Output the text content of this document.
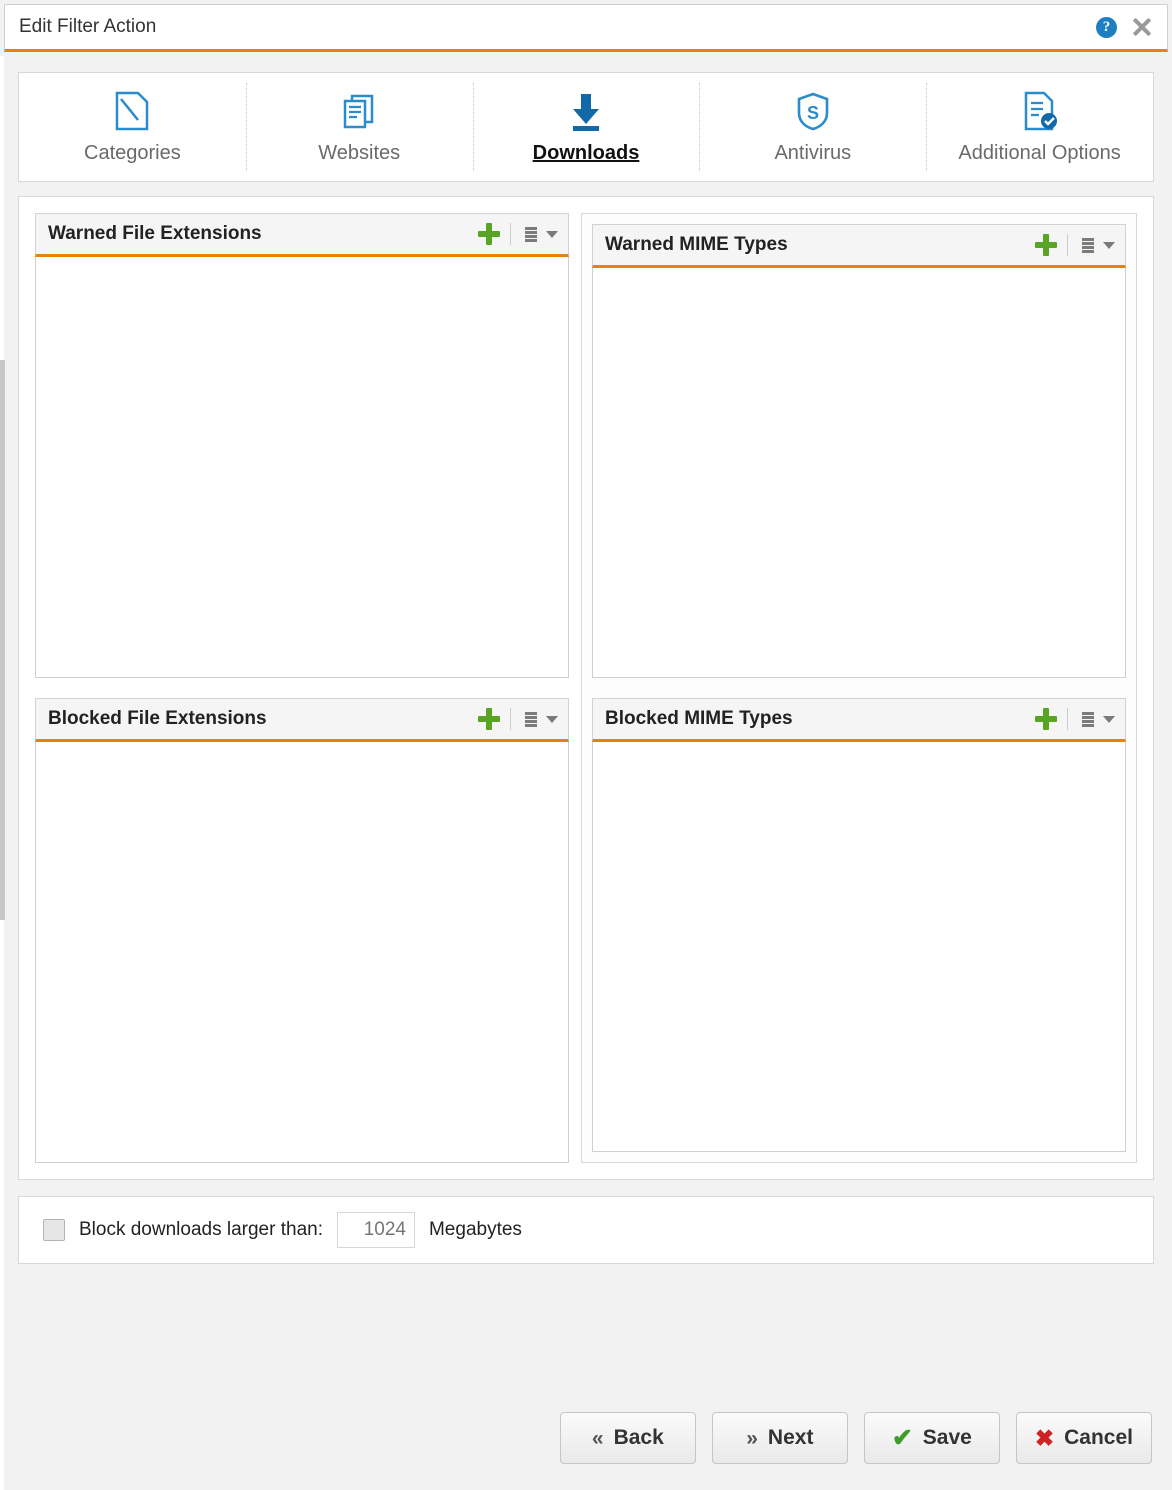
Edit Filter Action	?
Categories	Websites	Downloads
S
Antivirus	Additional Options
Warned File Extensions
Blocked File Extensions
Warned MIME Types
Blocked MIME Types
Block downloads larger than:
1024	Megabytes
« Back	» Next	✔ Save	✖ Cancel
